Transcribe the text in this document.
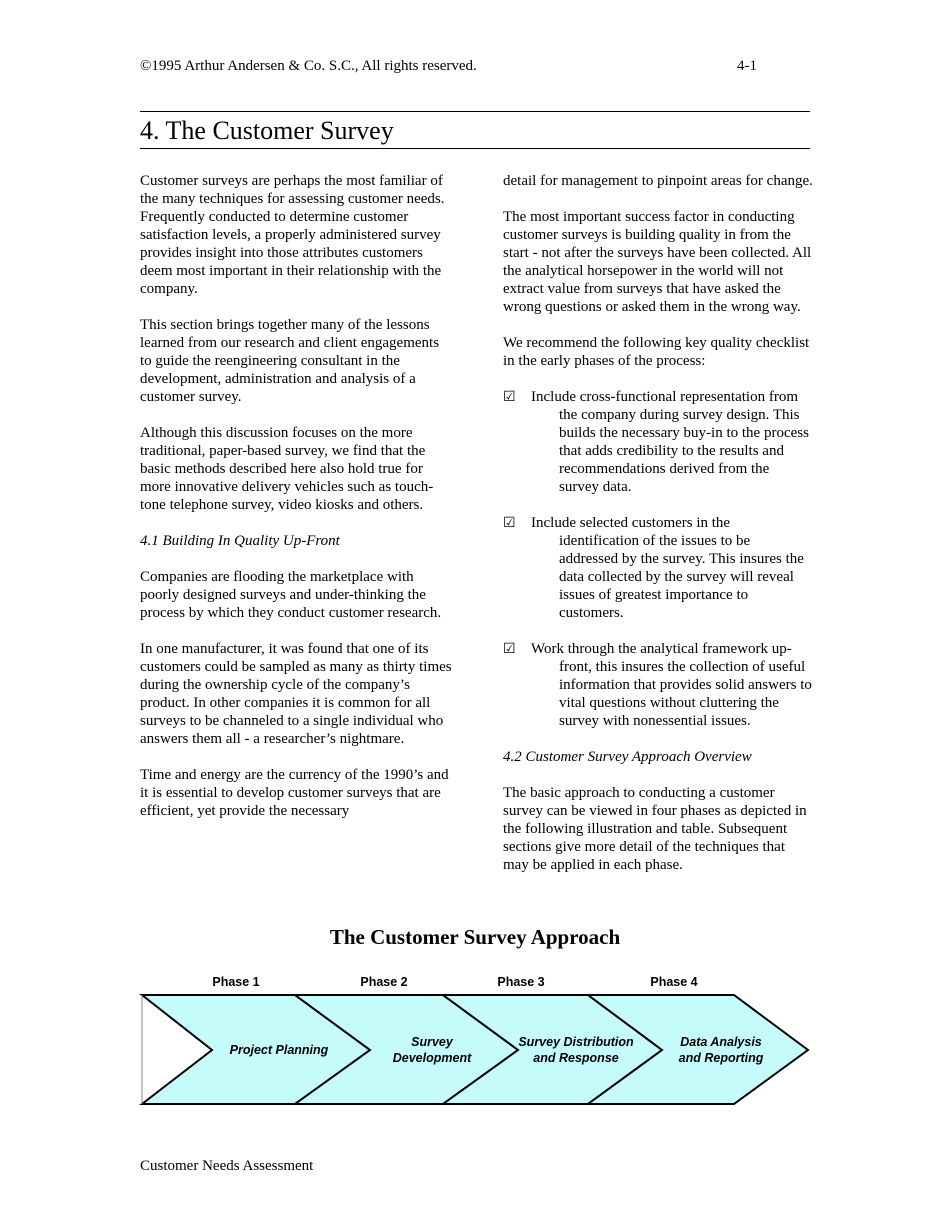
©1995 Arthur Andersen & Co. S.C., All rights reserved.	4-1
4. The Customer Survey

Customer surveys are perhaps the most familiar of the many techniques for assessing customer needs. Frequently conducted to determine customer satisfaction levels, a properly administered survey provides insight into those attributes customers deem most important in their relationship with the company.

This section brings together many of the lessons learned from our research and client engagements to guide the reengineering consultant in the development, administration and analysis of a customer survey.

Although this discussion focuses on the more traditional, paper-based survey, we find that the basic methods described here also hold true for more innovative delivery vehicles such as touch-tone telephone survey, video kiosks and others.

4.1 Building In Quality Up-Front

Companies are flooding the marketplace with poorly designed surveys and under-thinking the process by which they conduct customer research.

In one manufacturer, it was found that one of its customers could be sampled as many as thirty times during the ownership cycle of the company’s product. In other companies it is common for all surveys to be channeled to a single individual who answers them all - a researcher’s nightmare.

Time and energy are the currency of the 1990’s and it is essential to develop customer surveys that are efficient, yet provide the necessary

detail for management to pinpoint areas for change.

The most important success factor in conducting customer surveys is building quality in from the start - not after the surveys have been collected. All the analytical horsepower in the world will not extract value from surveys that have asked the wrong questions or asked them in the wrong way.

We recommend the following key quality checklist in the early phases of the process:

☑ Include cross-functional representation from the company during survey design. This builds the necessary buy-in to the process that adds credibility to the results and recommendations derived from the survey data.
☑ Include selected customers in the identification of the issues to be addressed by the survey. This insures the data collected by the survey will reveal issues of greatest importance to customers.
☑ Work through the analytical framework up-front, this insures the collection of useful information that provides solid answers to vital questions without cluttering the survey with nonessential issues.
4.2 Customer Survey Approach Overview

The basic approach to conducting a customer survey can be viewed in four phases as depicted in the following illustration and table. Subsequent sections give more detail of the techniques that may be applied in each phase.

The Customer Survey Approach
Phase 1
Project Planning
Phase 2
Survey
Development
Phase 3
Survey Distribution
and Response
Phase 4
Data Analysis
and Reporting
Customer Needs Assessment
